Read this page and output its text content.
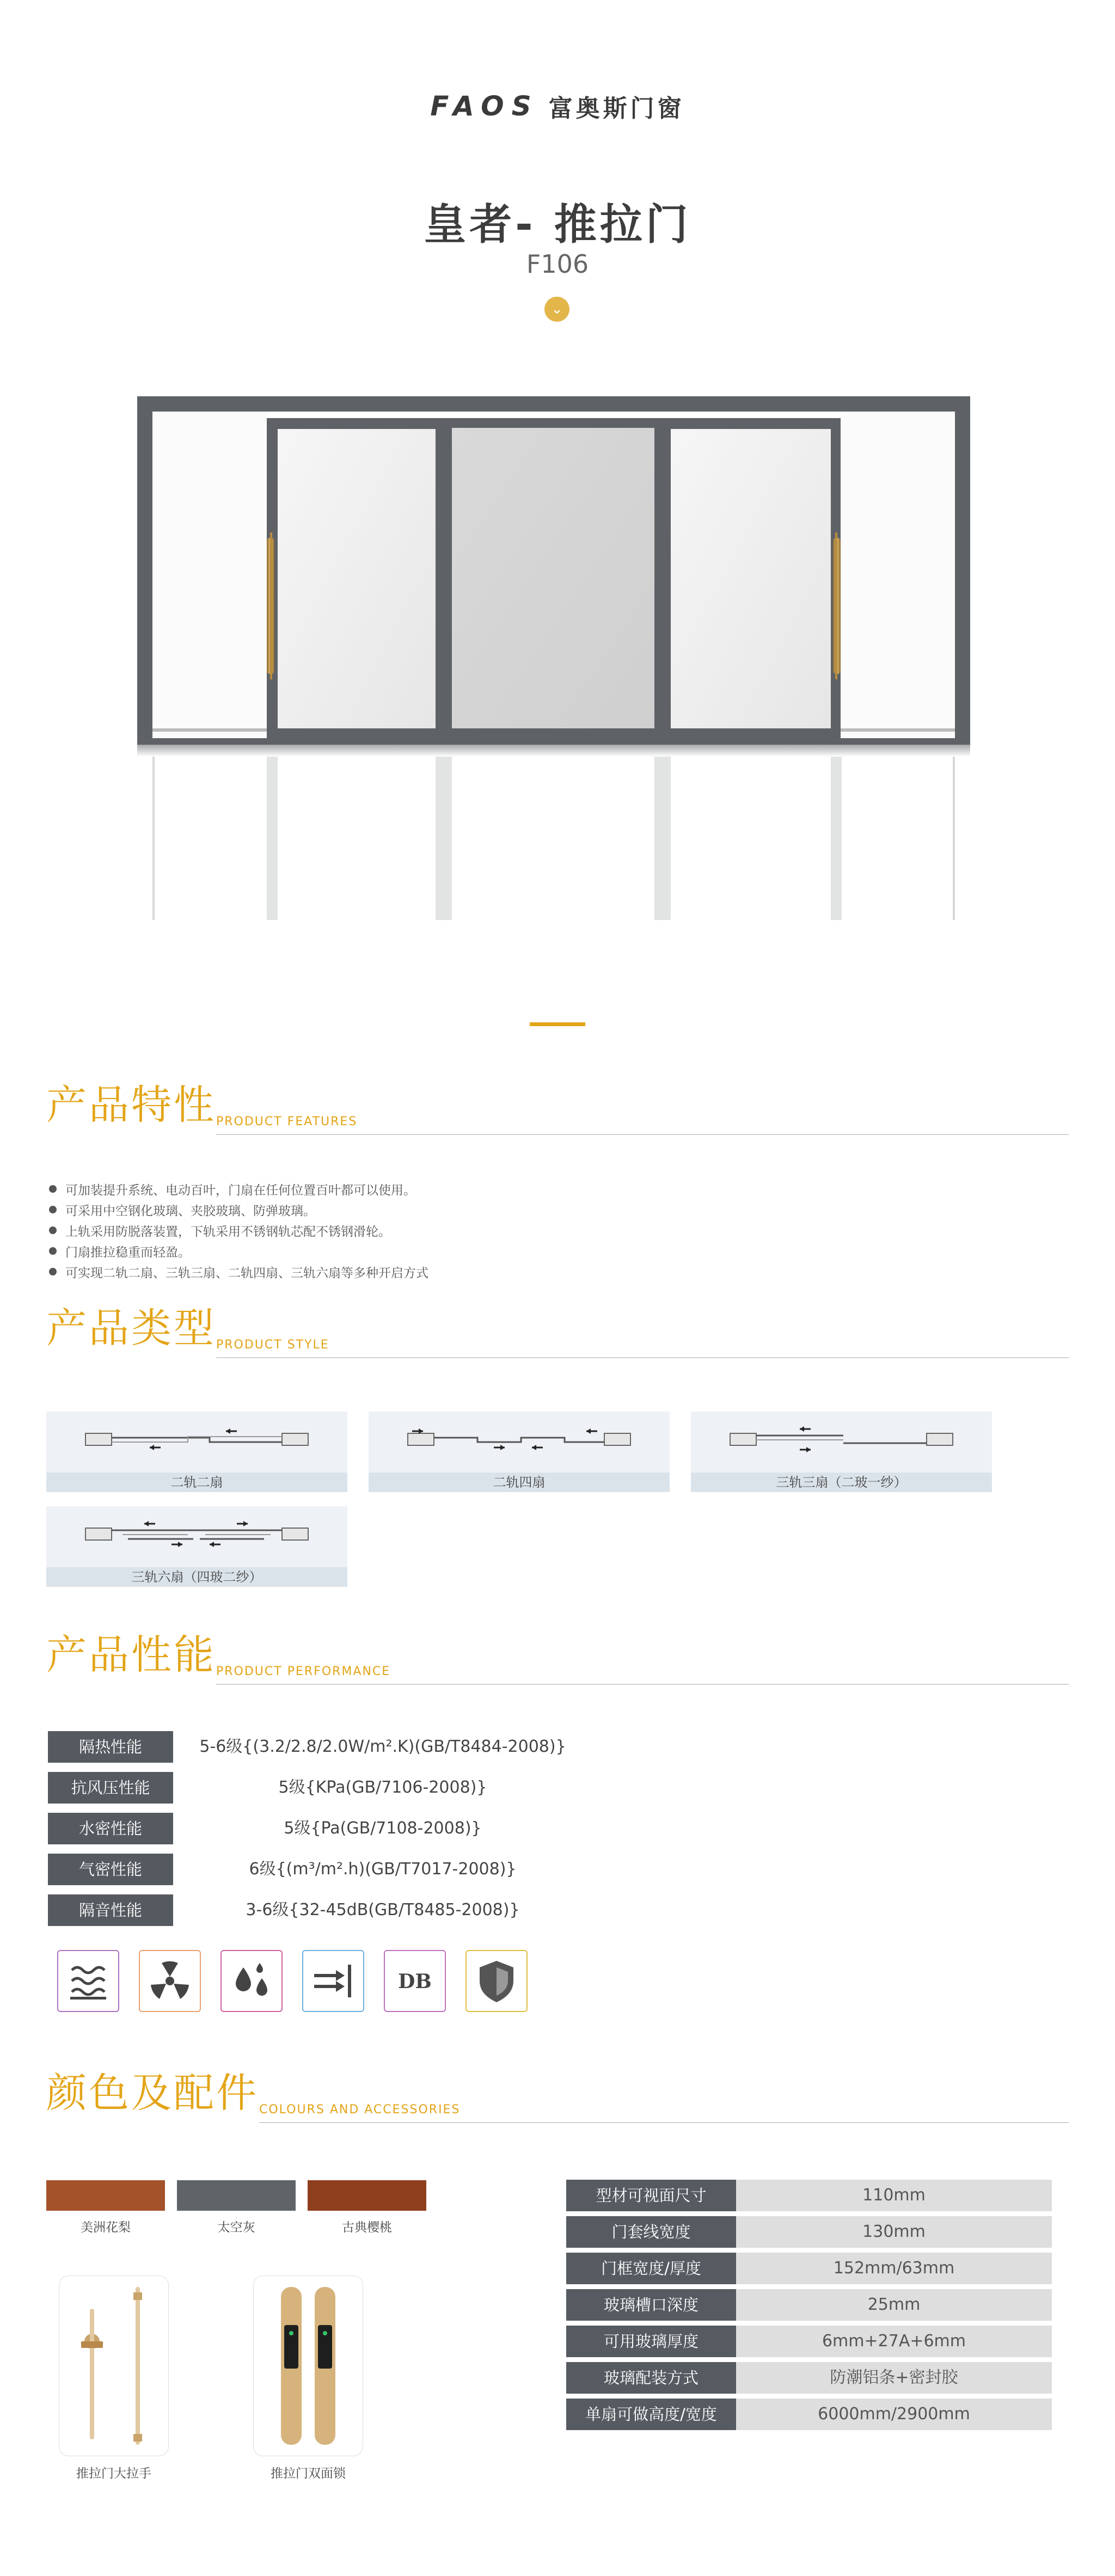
FAOS 富奥斯门窗
皇者- 推拉门
F106
⌄
产品特性 PRODUCT FEATURES
可加装提升系统、电动百叶，门扇在任何位置百叶都可以使用。
可采用中空钢化玻璃、夹胶玻璃、防弹玻璃。
上轨采用防脱落装置，下轨采用不锈钢轨芯配不锈钢滑轮。
门扇推拉稳重而轻盈。
可实现二轨二扇、三轨三扇、二轨四扇、三轨六扇等多种开启方式
产品类型 PRODUCT STYLE
二轨二扇	二轨四扇	三轨三扇（二玻一纱）
三轨六扇（四玻二纱）
产品性能 PRODUCT PERFORMANCE
隔热性能	5-6级{(3.2/2.8/2.0W/m².K)(GB/T8484-2008)}
抗风压性能	5级{KPa(GB/7106-2008)}
水密性能	5级{Pa(GB/7108-2008)}
气密性能	6级{(m³/m².h)(GB/T7017-2008)}
隔音性能	3-6级{32-45dB(GB/T8485-2008)}
DB
颜色及配件 COLOURS AND ACCESSORIES
美洲花梨	太空灰	古典樱桃
推拉门大拉手	推拉门双面锁
型材可视面尺寸	110mm
门套线宽度	130mm
门框宽度/厚度	152mm/63mm
玻璃槽口深度	25mm
可用玻璃厚度	6mm+27A+6mm
玻璃配装方式	防潮铝条+密封胶
单扇可做高度/宽度	6000mm/2900mm
